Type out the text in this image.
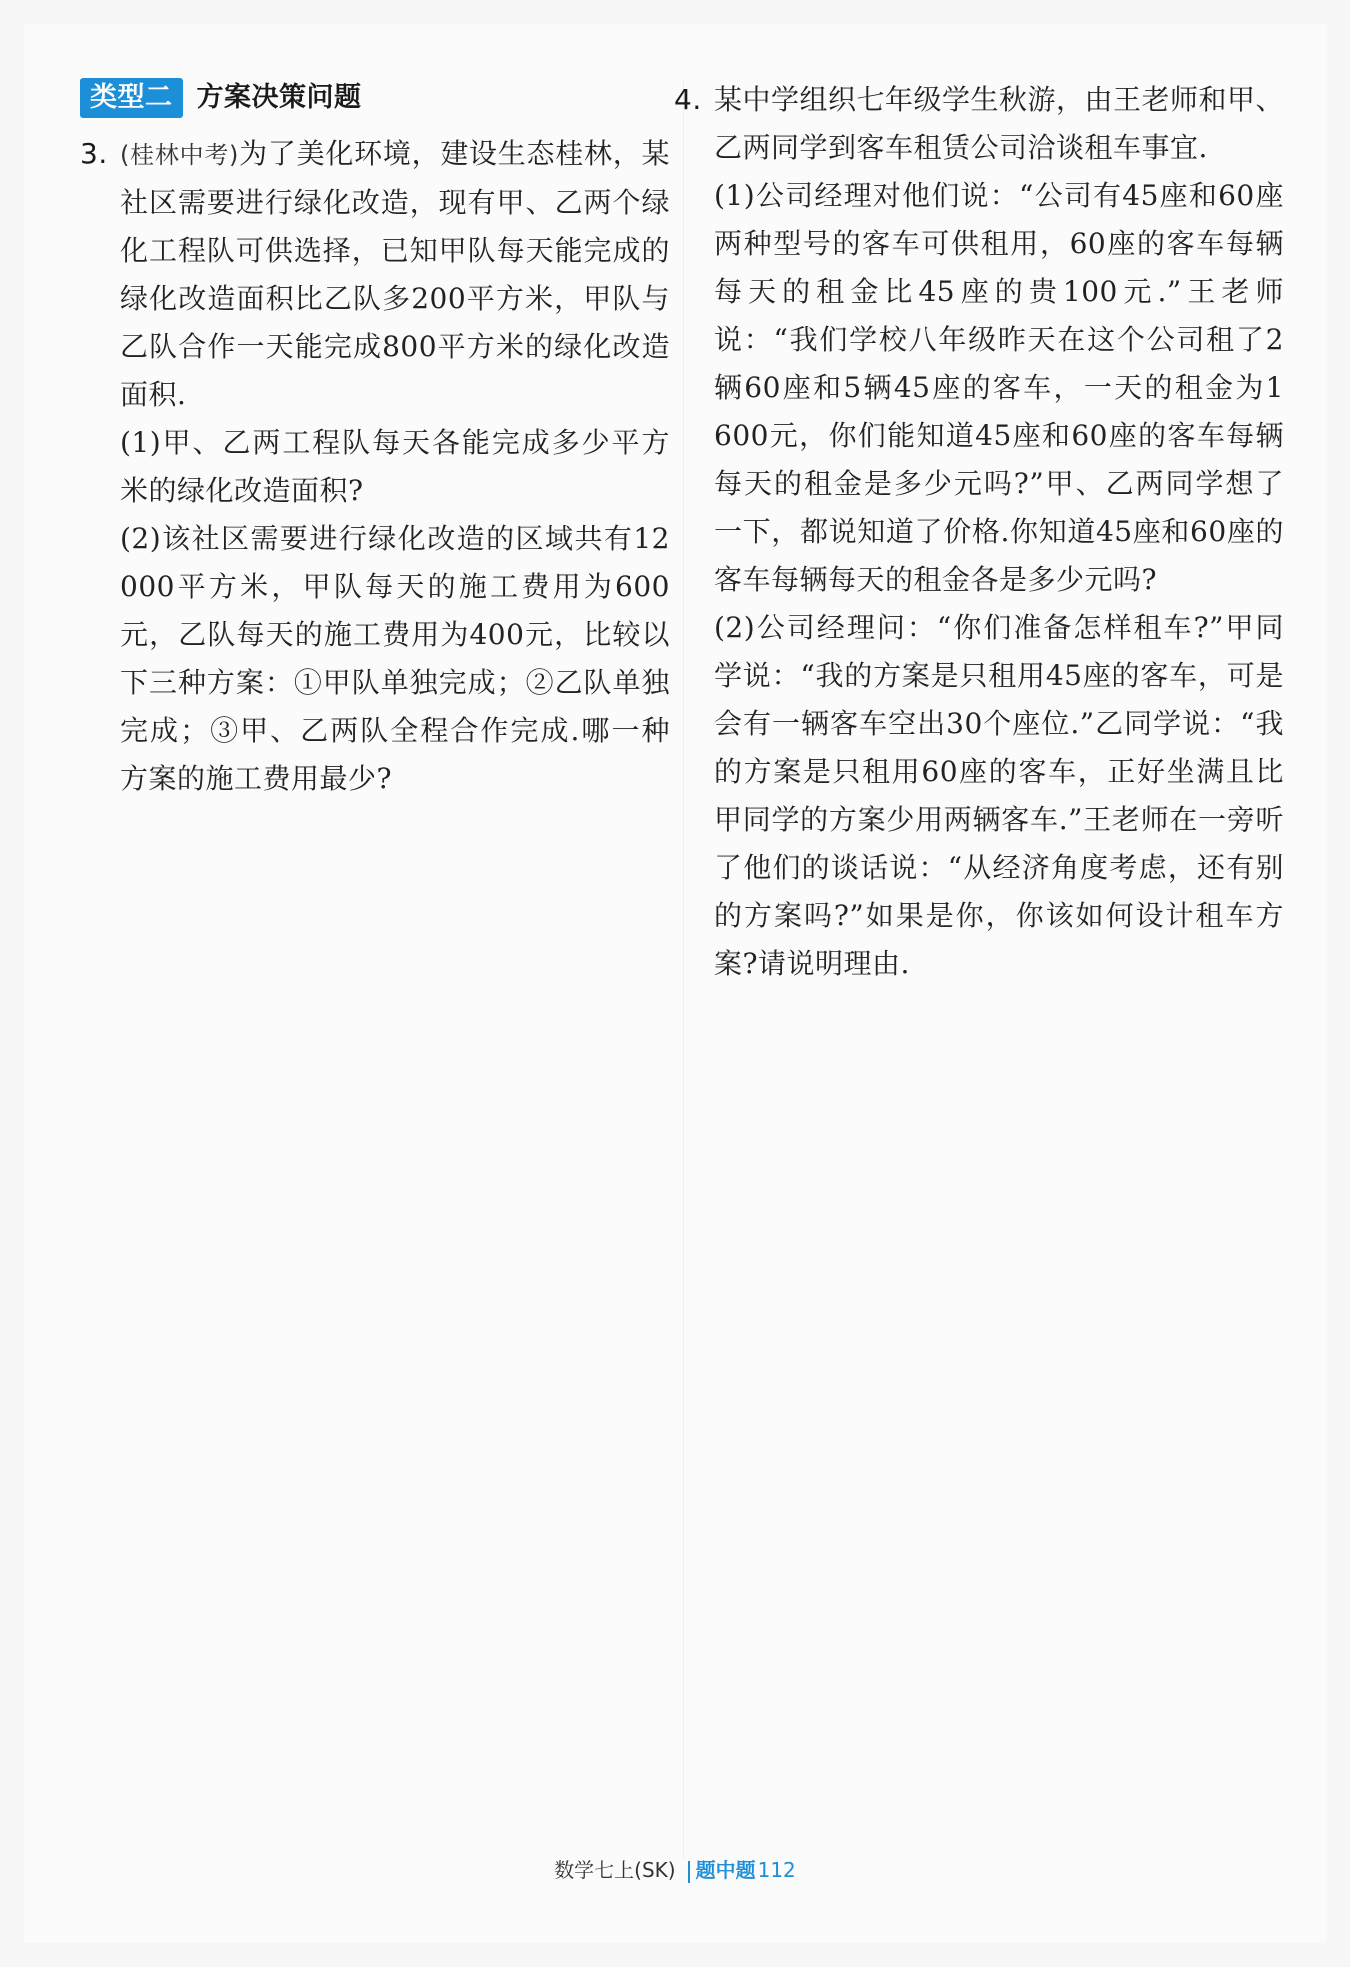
类型二 方案决策问题
3. (桂林中考)为了美化环境，建设生态桂林，某社区需要进行绿化改造，现有甲、乙两个绿化工程队可供选择，已知甲队每天能完成的绿化改造面积比乙队多200平方米，甲队与乙队合作一天能完成800平方米的绿化改造面积.

(1)甲、乙两工程队每天各能完成多少平方米的绿化改造面积?

(2)该社区需要进行绿化改造的区域共有12 000平方米，甲队每天的施工费用为600元，乙队每天的施工费用为400元，比较以下三种方案：①甲队单独完成；②乙队单独完成；③甲、乙两队全程合作完成.哪一种方案的施工费用最少?

4. 某中学组织七年级学生秋游，由王老师和甲、乙两同学到客车租赁公司洽谈租车事宜.

(1)公司经理对他们说：“公司有45座和60座两种型号的客车可供租用，60座的客车每辆每天的租金比45座的贵100元.”王老师说：“我们学校八年级昨天在这个公司租了2辆60座和5辆45座的客车，一天的租金为1 600元，你们能知道45座和60座的客车每辆每天的租金是多少元吗?”甲、乙两同学想了一下，都说知道了价格.你知道45座和60座的客车每辆每天的租金各是多少元吗?

(2)公司经理问：“你们准备怎样租车?”甲同学说：“我的方案是只租用45座的客车，可是会有一辆客车空出30个座位.”乙同学说：“我的方案是只租用60座的客车，正好坐满且比甲同学的方案少用两辆客车.”王老师在一旁听了他们的谈话说：“从经济角度考虑，还有别的方案吗?”如果是你，你该如何设计租车方案?请说明理由.

数学七上(SK) 题中题 112
